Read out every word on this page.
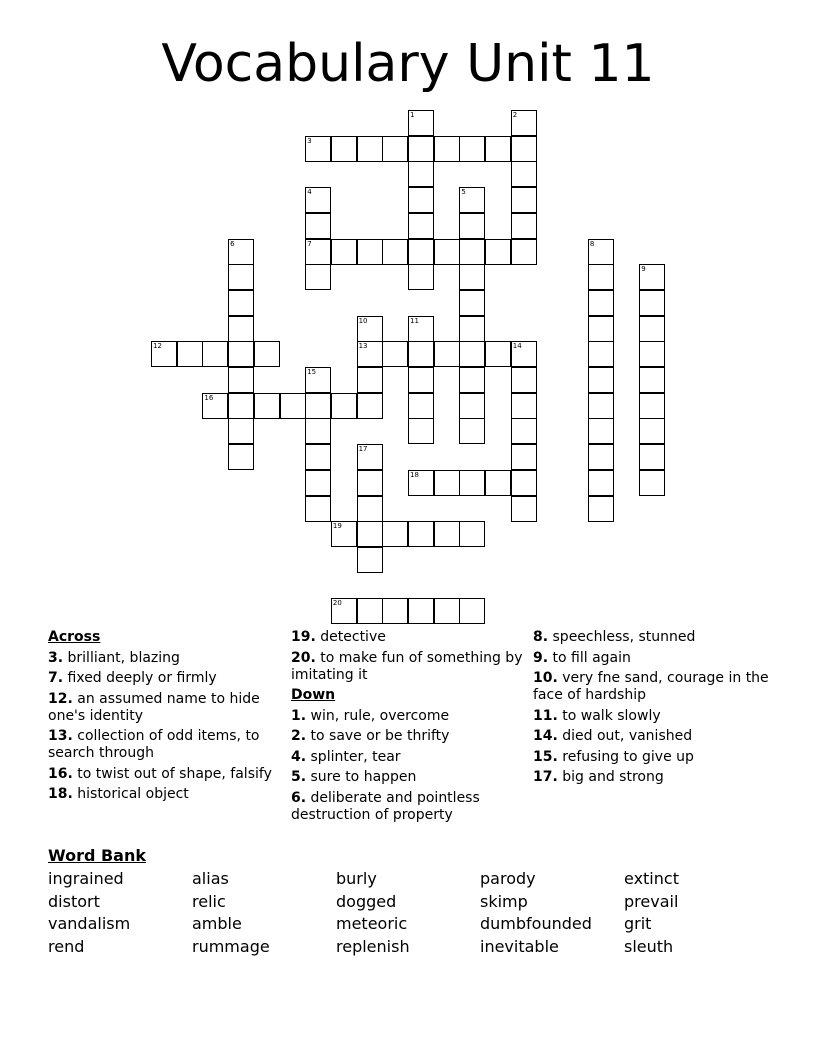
Vocabulary Unit 11
1	2
3
4
7
5
6	8
9
10
13
11
12	14
15
16
17
18
19
20
Across
3. brilliant, blazing
7. fixed deeply or firmly
12. an assumed name to hide one's identity
13. collection of odd items, to search through
16. to twist out of shape, falsify
18. historical object
19. detective
20. to make fun of something by imitating it
Down
1. win, rule, overcome
2. to save or be thrifty
4. splinter, tear
5. sure to happen
6. deliberate and pointless destruction of property
8. speechless, stunned
9. to fill again
10. very fne sand, courage in the face of hardship
11. to walk slowly
14. died out, vanished
15. refusing to give up
17. big and strong
Word Bank
ingrained	alias	burly	parody	extinct
distort	relic	dogged	skimp	prevail
vandalism	amble	meteoric	dumbfounded	grit
rend	rummage	replenish	inevitable	sleuth
